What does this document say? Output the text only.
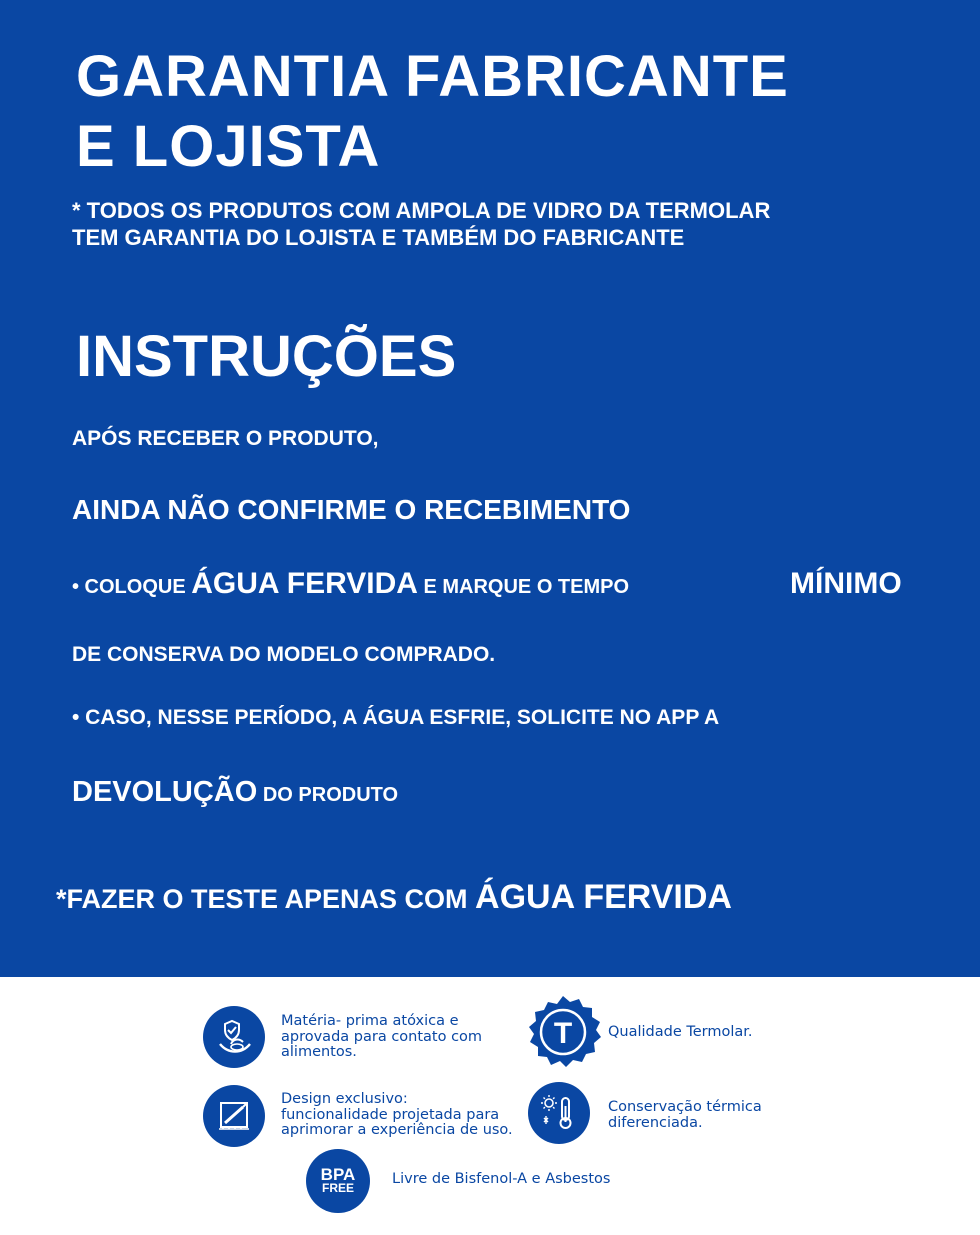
GARANTIA FABRICANTE
E LOJISTA
* TODOS OS PRODUTOS COM AMPOLA DE VIDRO DA TERMOLAR
TEM GARANTIA DO LOJISTA E TAMBÉM DO FABRICANTE
INSTRUÇÕES
APÓS RECEBER O PRODUTO,
AINDA NÃO CONFIRME O RECEBIMENTO
• COLOQUE ÁGUA FERVIDA E MARQUE O TEMPO	MÍNIMO
DE CONSERVA DO MODELO COMPRADO.
• CASO, NESSE PERÍODO, A ÁGUA ESFRIE, SOLICITE NO APP A
DEVOLUÇÃO DO PRODUTO
*FAZER O TESTE APENAS COM ÁGUA FERVIDA
Matéria- prima atóxica e
aprovada para contato com
alimentos.
T Qualidade Termolar.
Design exclusivo:
funcionalidade projetada para
aprimorar a experiência de uso.
Conservação térmica
diferenciada.
BPA
FREE
Livre de Bisfenol-A e Asbestos
